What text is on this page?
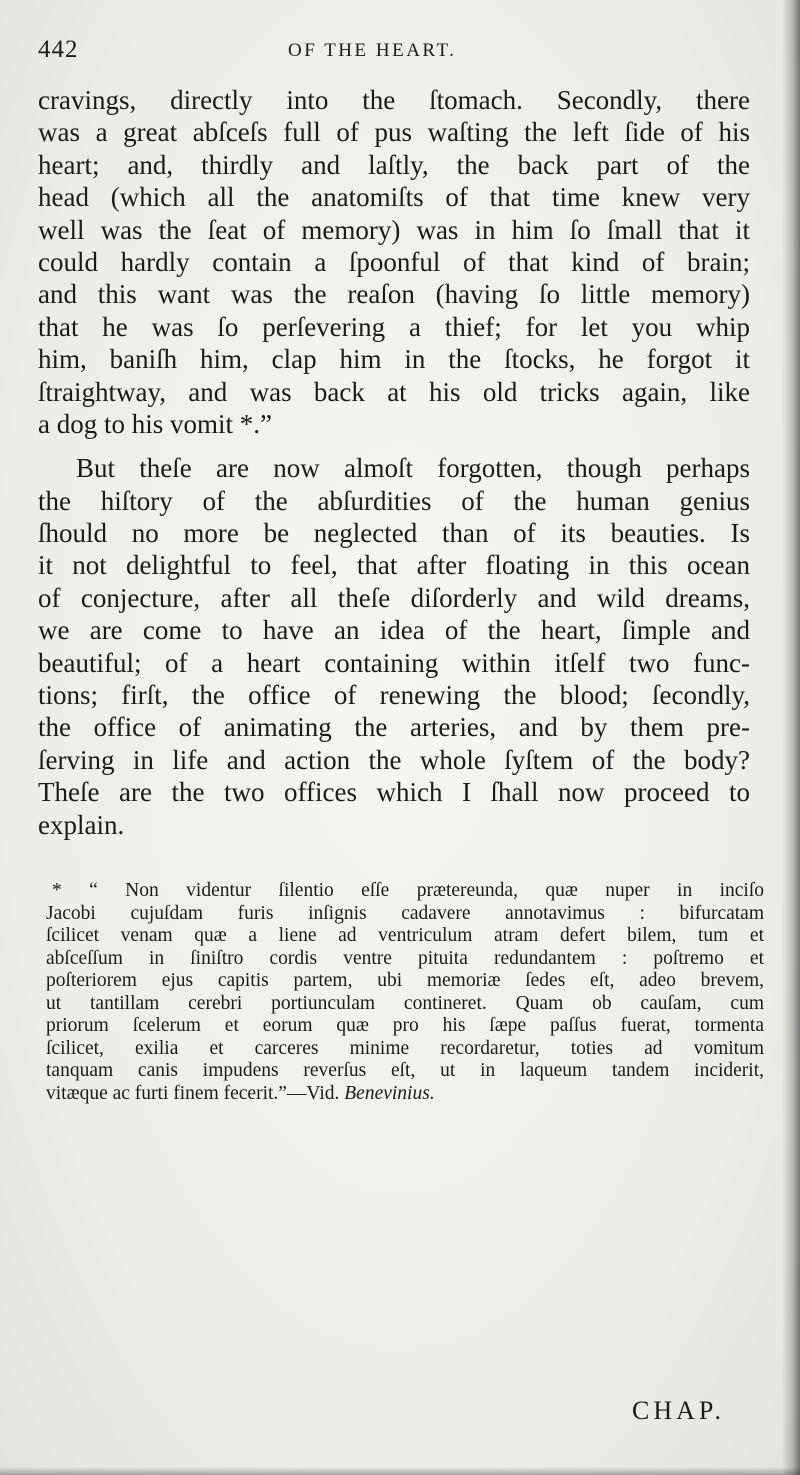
442	OF THE HEART.
cravings, directly into the ſtomach. Secondly, there
was a great abſceſs full of pus waſting the left ſide of his
heart; and, thirdly and laſtly, the back part of the
head (which all the anatomiſts of that time knew very
well was the ſeat of memory) was in him ſo ſmall that it
could hardly contain a ſpoonful of that kind of brain;
and this want was the reaſon (having ſo little memory)
that he was ſo perſevering a thief; for let you whip
him, baniſh him, clap him in the ſtocks, he forgot it
ſtraightway, and was back at his old tricks again, like
a dog to his vomit *.”
But theſe are now almoſt forgotten, though perhaps
the hiſtory of the abſurdities of the human genius
ſhould no more be neglected than of its beauties. Is
it not delightful to feel, that after floating in this ocean
of conjecture, after all theſe diſorderly and wild dreams,
we are come to have an idea of the heart, ſimple and
beautiful; of a heart containing within itſelf two func-
tions; firſt, the office of renewing the blood; ſecondly,
the office of animating the arteries, and by them pre-
ſerving in life and action the whole ſyſtem of the body?
Theſe are the two offices which I ſhall now proceed to
explain.
* “ Non videntur ſilentio eſſe prætereunda, quæ nuper in inciſo
Jacobi cujuſdam furis inſignis cadavere annotavimus : bifurcatam
ſcilicet venam quæ a liene ad ventriculum atram defert bilem, tum et
abſceſſum in ſiniſtro cordis ventre pituita redundantem : poſtremo et
poſteriorem ejus capitis partem, ubi memoriæ ſedes eſt, adeo brevem,
ut tantillam cerebri portiunculam contineret. Quam ob cauſam, cum
priorum ſcelerum et eorum quæ pro his ſæpe paſſus fuerat, tormenta
ſcilicet, exilia et carceres minime recordaretur, toties ad vomitum
tanquam canis impudens reverſus eſt, ut in laqueum tandem inciderit,
vitæque ac furti finem fecerit.”—Vid. Benevinius.
CHAP.
